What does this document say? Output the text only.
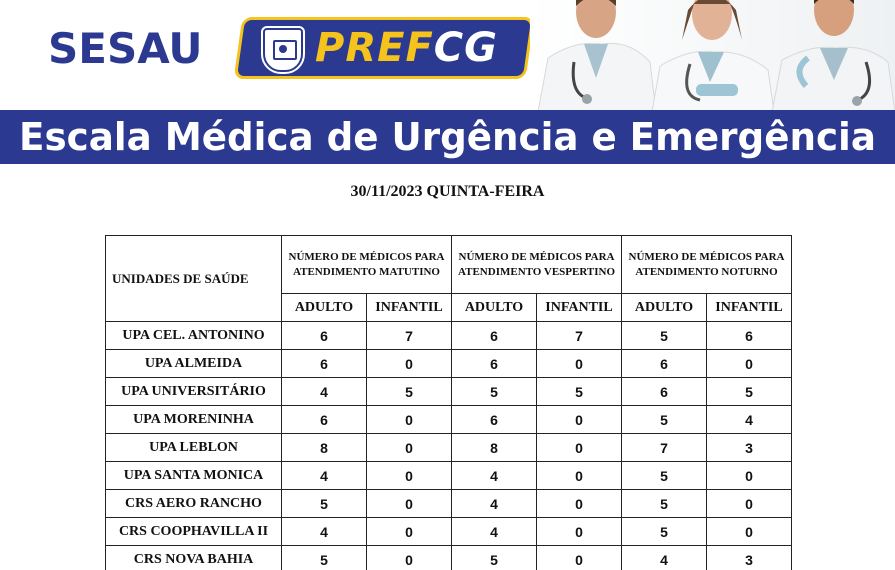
SESAU	PREFCG
Escala Médica de Urgência e Emergência
30/11/2023 QUINTA-FEIRA
UNIDADES DE SAÚDE	NÚMERO DE MÉDICOS PARA ATENDIMENTO MATUTINO		NÚMERO DE MÉDICOS PARA ATENDIMENTO VESPERTINO		NÚMERO DE MÉDICOS PARA ATENDIMENTO NOTURNO	
	ADULTO	INFANTIL	ADULTO	INFANTIL	ADULTO	INFANTIL
UPA CEL. ANTONINO	6	7	6	7	5	6
UPA ALMEIDA	6	0	6	0	6	0
UPA UNIVERSITÁRIO	4	5	5	5	6	5
UPA MORENINHA	6	0	6	0	5	4
UPA LEBLON	8	0	8	0	7	3
UPA SANTA MONICA	4	0	4	0	5	0
CRS AERO RANCHO	5	0	4	0	5	0
CRS COOPHAVILLA II	4	0	4	0	5	0
CRS NOVA BAHIA	5	0	5	0	4	3
